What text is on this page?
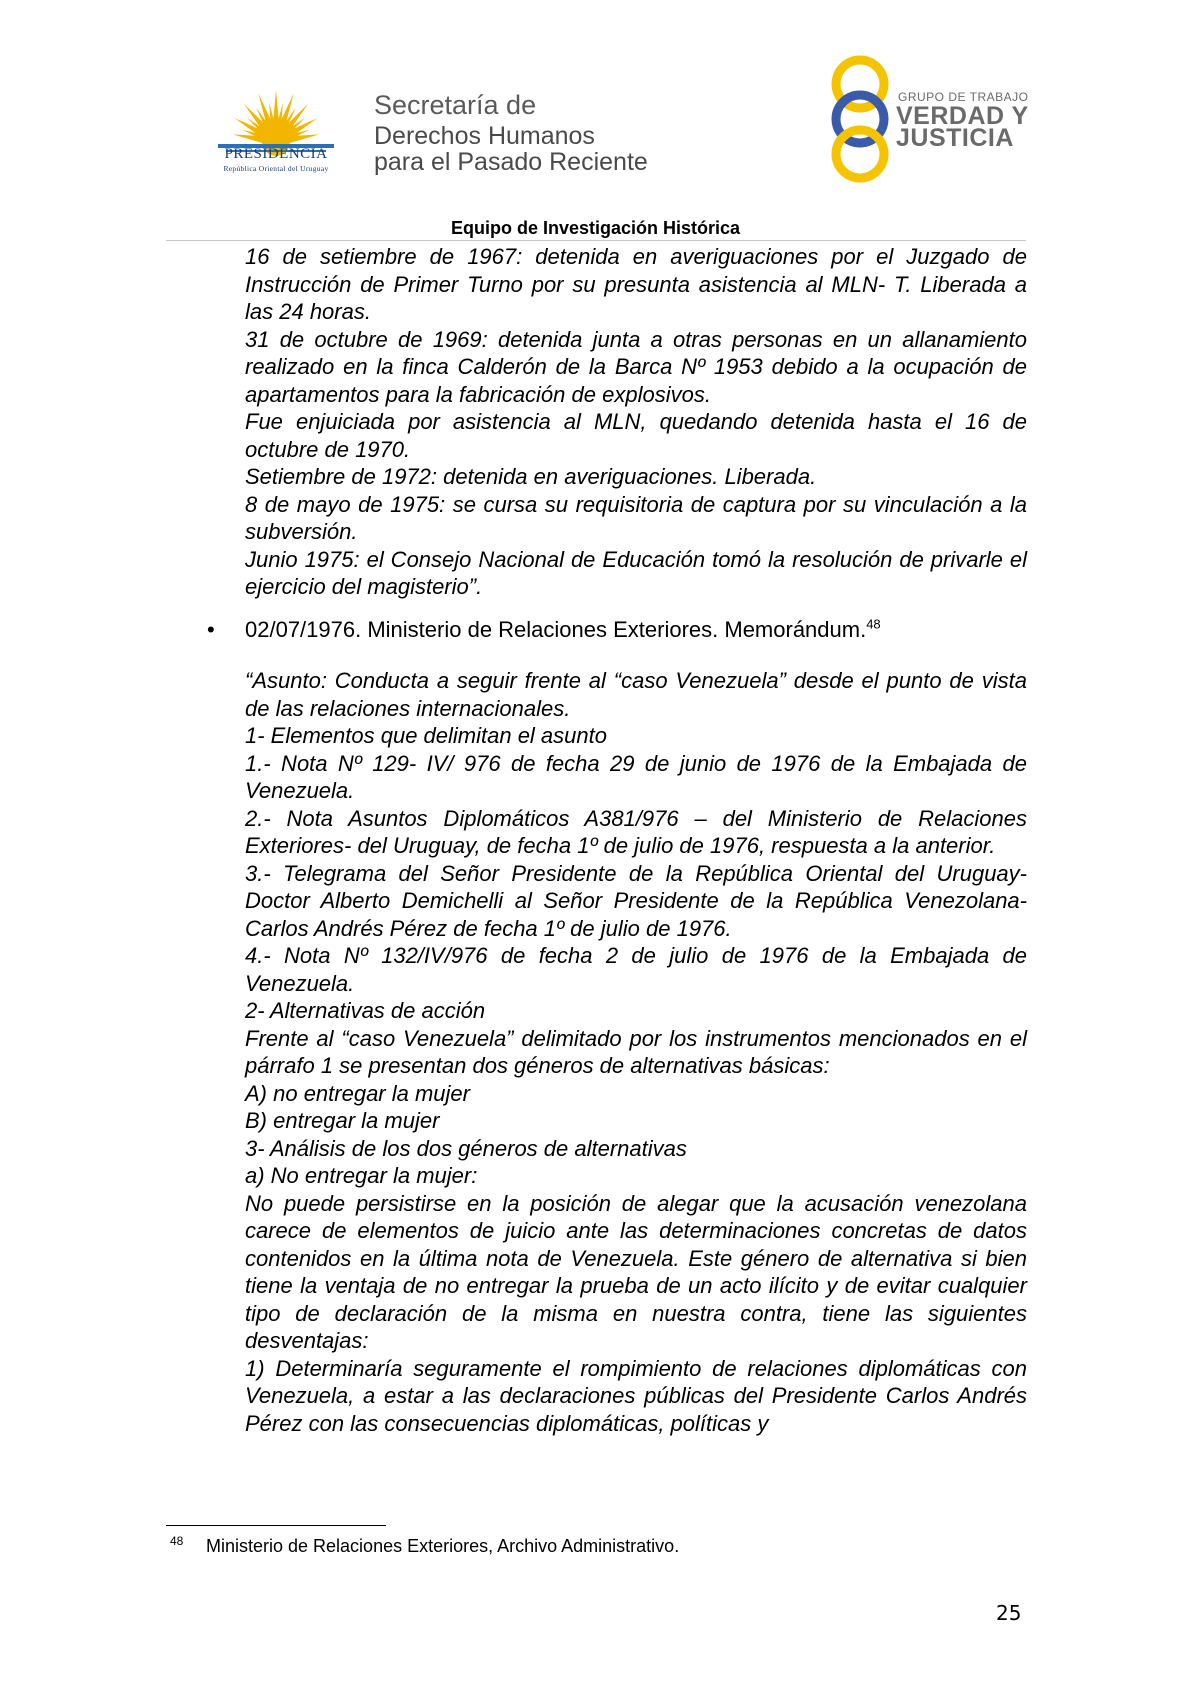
PRESIDENCIA
República Oriental del Uruguay
Secretaría de
Derechos Humanos
para el Pasado Reciente
GRUPO DE TRABAJO
VERDAD Y
JUSTICIA
Equipo de Investigación Histórica

16 de setiembre de 1967: detenida en averiguaciones por el Juzgado de Instrucción de Primer Turno por su presunta asistencia al MLN- T. Liberada a las 24 horas.

31 de octubre de 1969: detenida junta a otras personas en un allanamiento realizado en la finca Calderón de la Barca Nº 1953 debido a la ocupación de apartamentos para la fabricación de explosivos.

Fue enjuiciada por asistencia al MLN, quedando detenida hasta el 16 de octubre de 1970.

Setiembre de 1972: detenida en averiguaciones. Liberada.

8 de mayo de 1975: se cursa su requisitoria de captura por su vinculación a la subversión.

Junio 1975: el Consejo Nacional de Educación tomó la resolución de privarle el ejercicio del magisterio”.

• 02/07/1976. Ministerio de Relaciones Exteriores. Memorándum.$^{48}$

“Asunto: Conducta a seguir frente al “caso Venezuela” desde el punto de vista de las relaciones internacionales.

1- Elementos que delimitan el asunto

1.- Nota Nº 129- IV/ 976 de fecha 29 de junio de 1976 de la Embajada de Venezuela.

2.- Nota Asuntos Diplomáticos A381/976 – del Ministerio de Relaciones Exteriores- del Uruguay, de fecha 1º de julio de 1976, respuesta a la anterior.

3.- Telegrama del Señor Presidente de la República Oriental del Uruguay- Doctor Alberto Demichelli al Señor Presidente de la República Venezolana- Carlos Andrés Pérez de fecha 1º de julio de 1976.

4.- Nota Nº 132/IV/976 de fecha 2 de julio de 1976 de la Embajada de Venezuela.

2- Alternativas de acción

Frente al “caso Venezuela” delimitado por los instrumentos mencionados en el párrafo 1 se presentan dos géneros de alternativas básicas:

A) no entregar la mujer

B) entregar la mujer

3- Análisis de los dos géneros de alternativas

a) No entregar la mujer:

No puede persistirse en la posición de alegar que la acusación venezolana carece de elementos de juicio ante las determinaciones concretas de datos contenidos en la última nota de Venezuela. Este género de alternativa si bien tiene la ventaja de no entregar la prueba de un acto ilícito y de evitar cualquier tipo de declaración de la misma en nuestra contra, tiene las siguientes desventajas:

1) Determinaría seguramente el rompimiento de relaciones diplomáticas con Venezuela, a estar a las declaraciones públicas del Presidente Carlos Andrés Pérez con las consecuencias diplomáticas, políticas y

48 Ministerio de Relaciones Exteriores, Archivo Administrativo.
25
